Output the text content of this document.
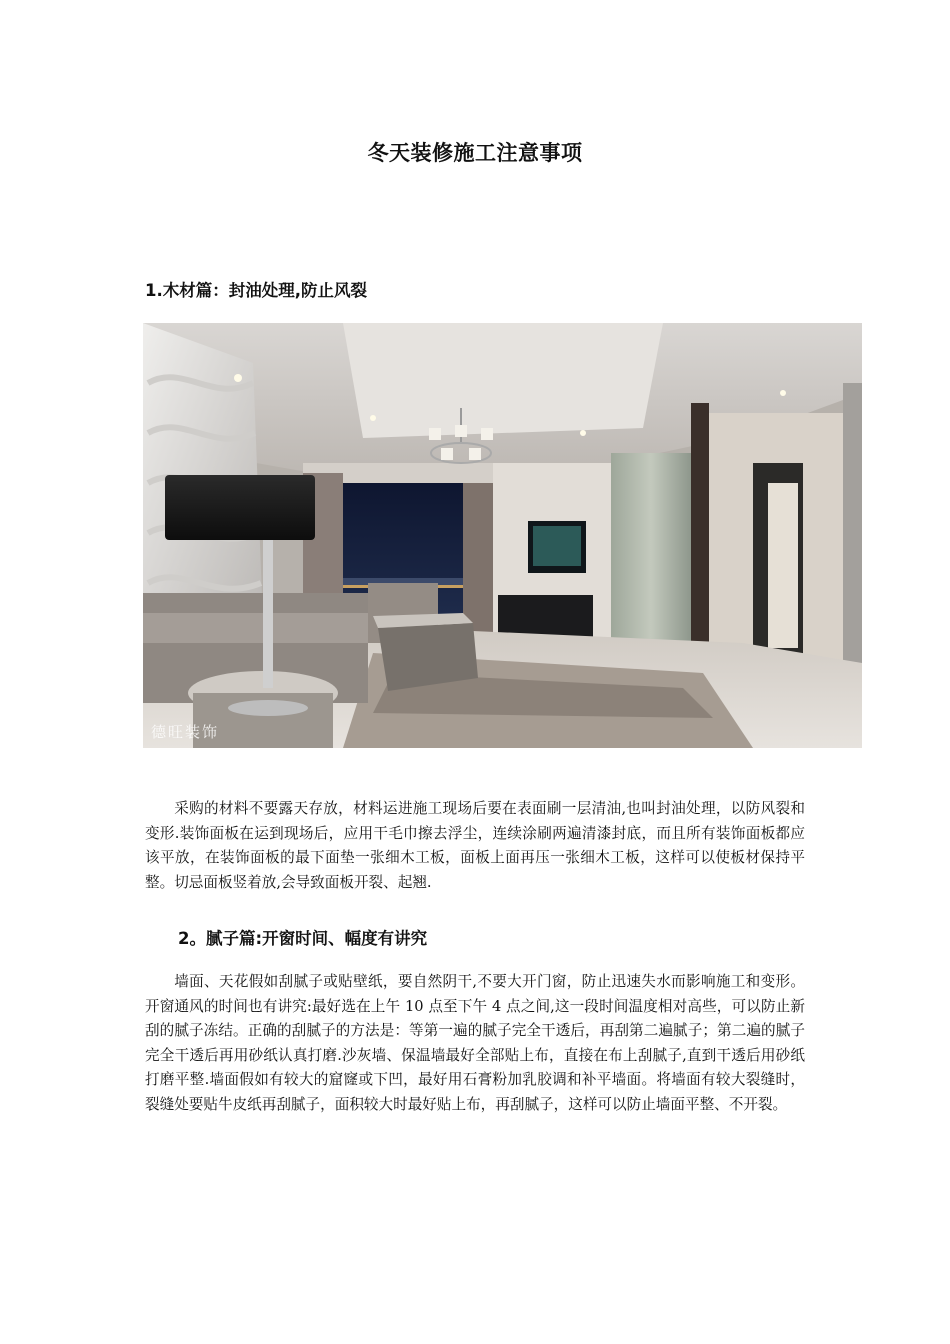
冬天装修施工注意事项
1.木材篇：封油处理,防止风裂
德旺装饰

采购的材料不要露天存放，材料运进施工现场后要在表面刷一层清油,也叫封油处理，以防风裂和变形.装饰面板在运到现场后，应用干毛巾擦去浮尘，连续涂刷两遍清漆封底，而且所有装饰面板都应该平放，在装饰面板的最下面垫一张细木工板，面板上面再压一张细木工板，这样可以使板材保持平整。切忌面板竖着放,会导致面板开裂、起翘.

2。腻子篇:开窗时间、幅度有讲究

墙面、天花假如刮腻子或贴壁纸，要自然阴干,不要大开门窗，防止迅速失水而影响施工和变形。开窗通风的时间也有讲究:最好选在上午 10 点至下午 4 点之间,这一段时间温度相对高些，可以防止新刮的腻子冻结。正确的刮腻子的方法是：等第一遍的腻子完全干透后，再刮第二遍腻子；第二遍的腻子完全干透后再用砂纸认真打磨.沙灰墙、保温墙最好全部贴上布，直接在布上刮腻子,直到干透后用砂纸打磨平整.墙面假如有较大的窟窿或下凹，最好用石膏粉加乳胶调和补平墙面。将墙面有较大裂缝时，裂缝处要贴牛皮纸再刮腻子，面积较大时最好贴上布，再刮腻子，这样可以防止墙面平整、不开裂。
